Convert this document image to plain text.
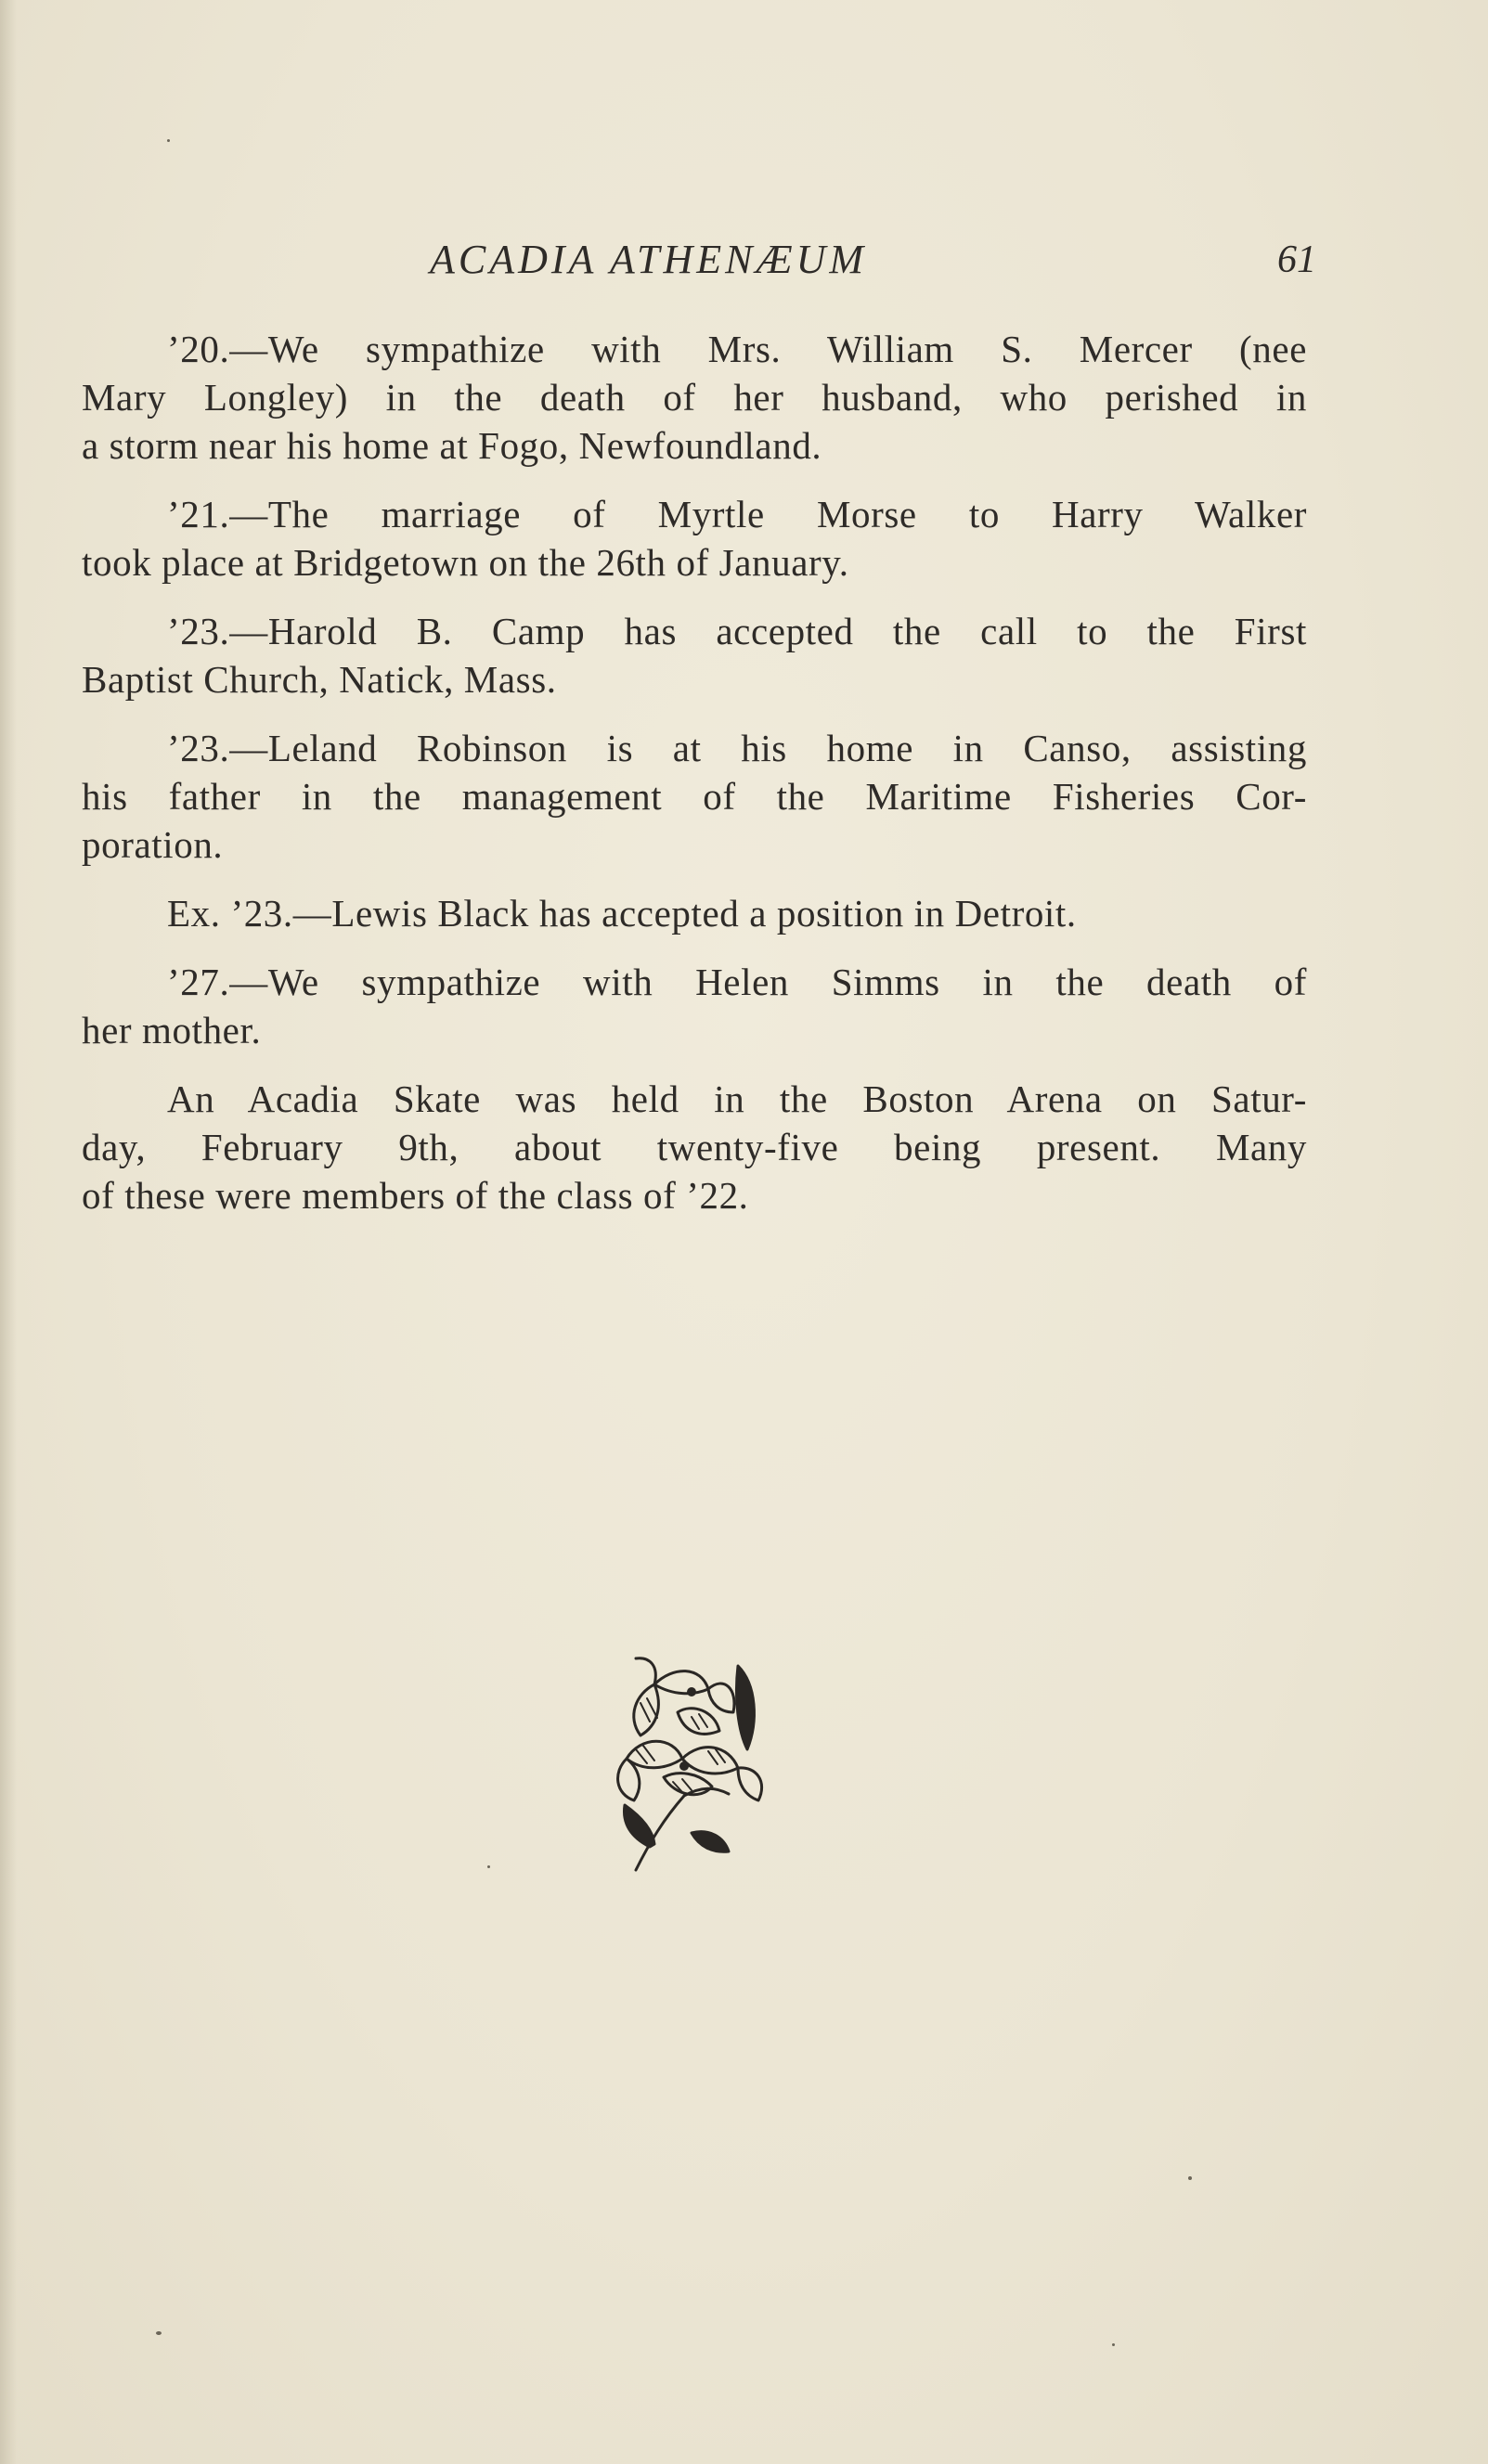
ACADIA ATHENÆUM	61
’20.—We sympathize with Mrs. William S. Mercer (nee
Mary Longley) in the death of her husband, who perished in
a storm near his home at Fogo, Newfoundland.
’21.—The marriage of Myrtle Morse to Harry Walker
took place at Bridgetown on the 26th of January.
’23.—Harold B. Camp has accepted the call to the First
Baptist Church, Natick, Mass.
’23.—Leland Robinson is at his home in Canso, assisting
his father in the management of the Maritime Fisheries Cor-
poration.
Ex. ’23.—Lewis Black has accepted a position in Detroit.
’27.—We sympathize with Helen Simms in the death of
her mother.
An Acadia Skate was held in the Boston Arena on Satur-
day, February 9th, about twenty-five being present. Many
of these were members of the class of ’22.
